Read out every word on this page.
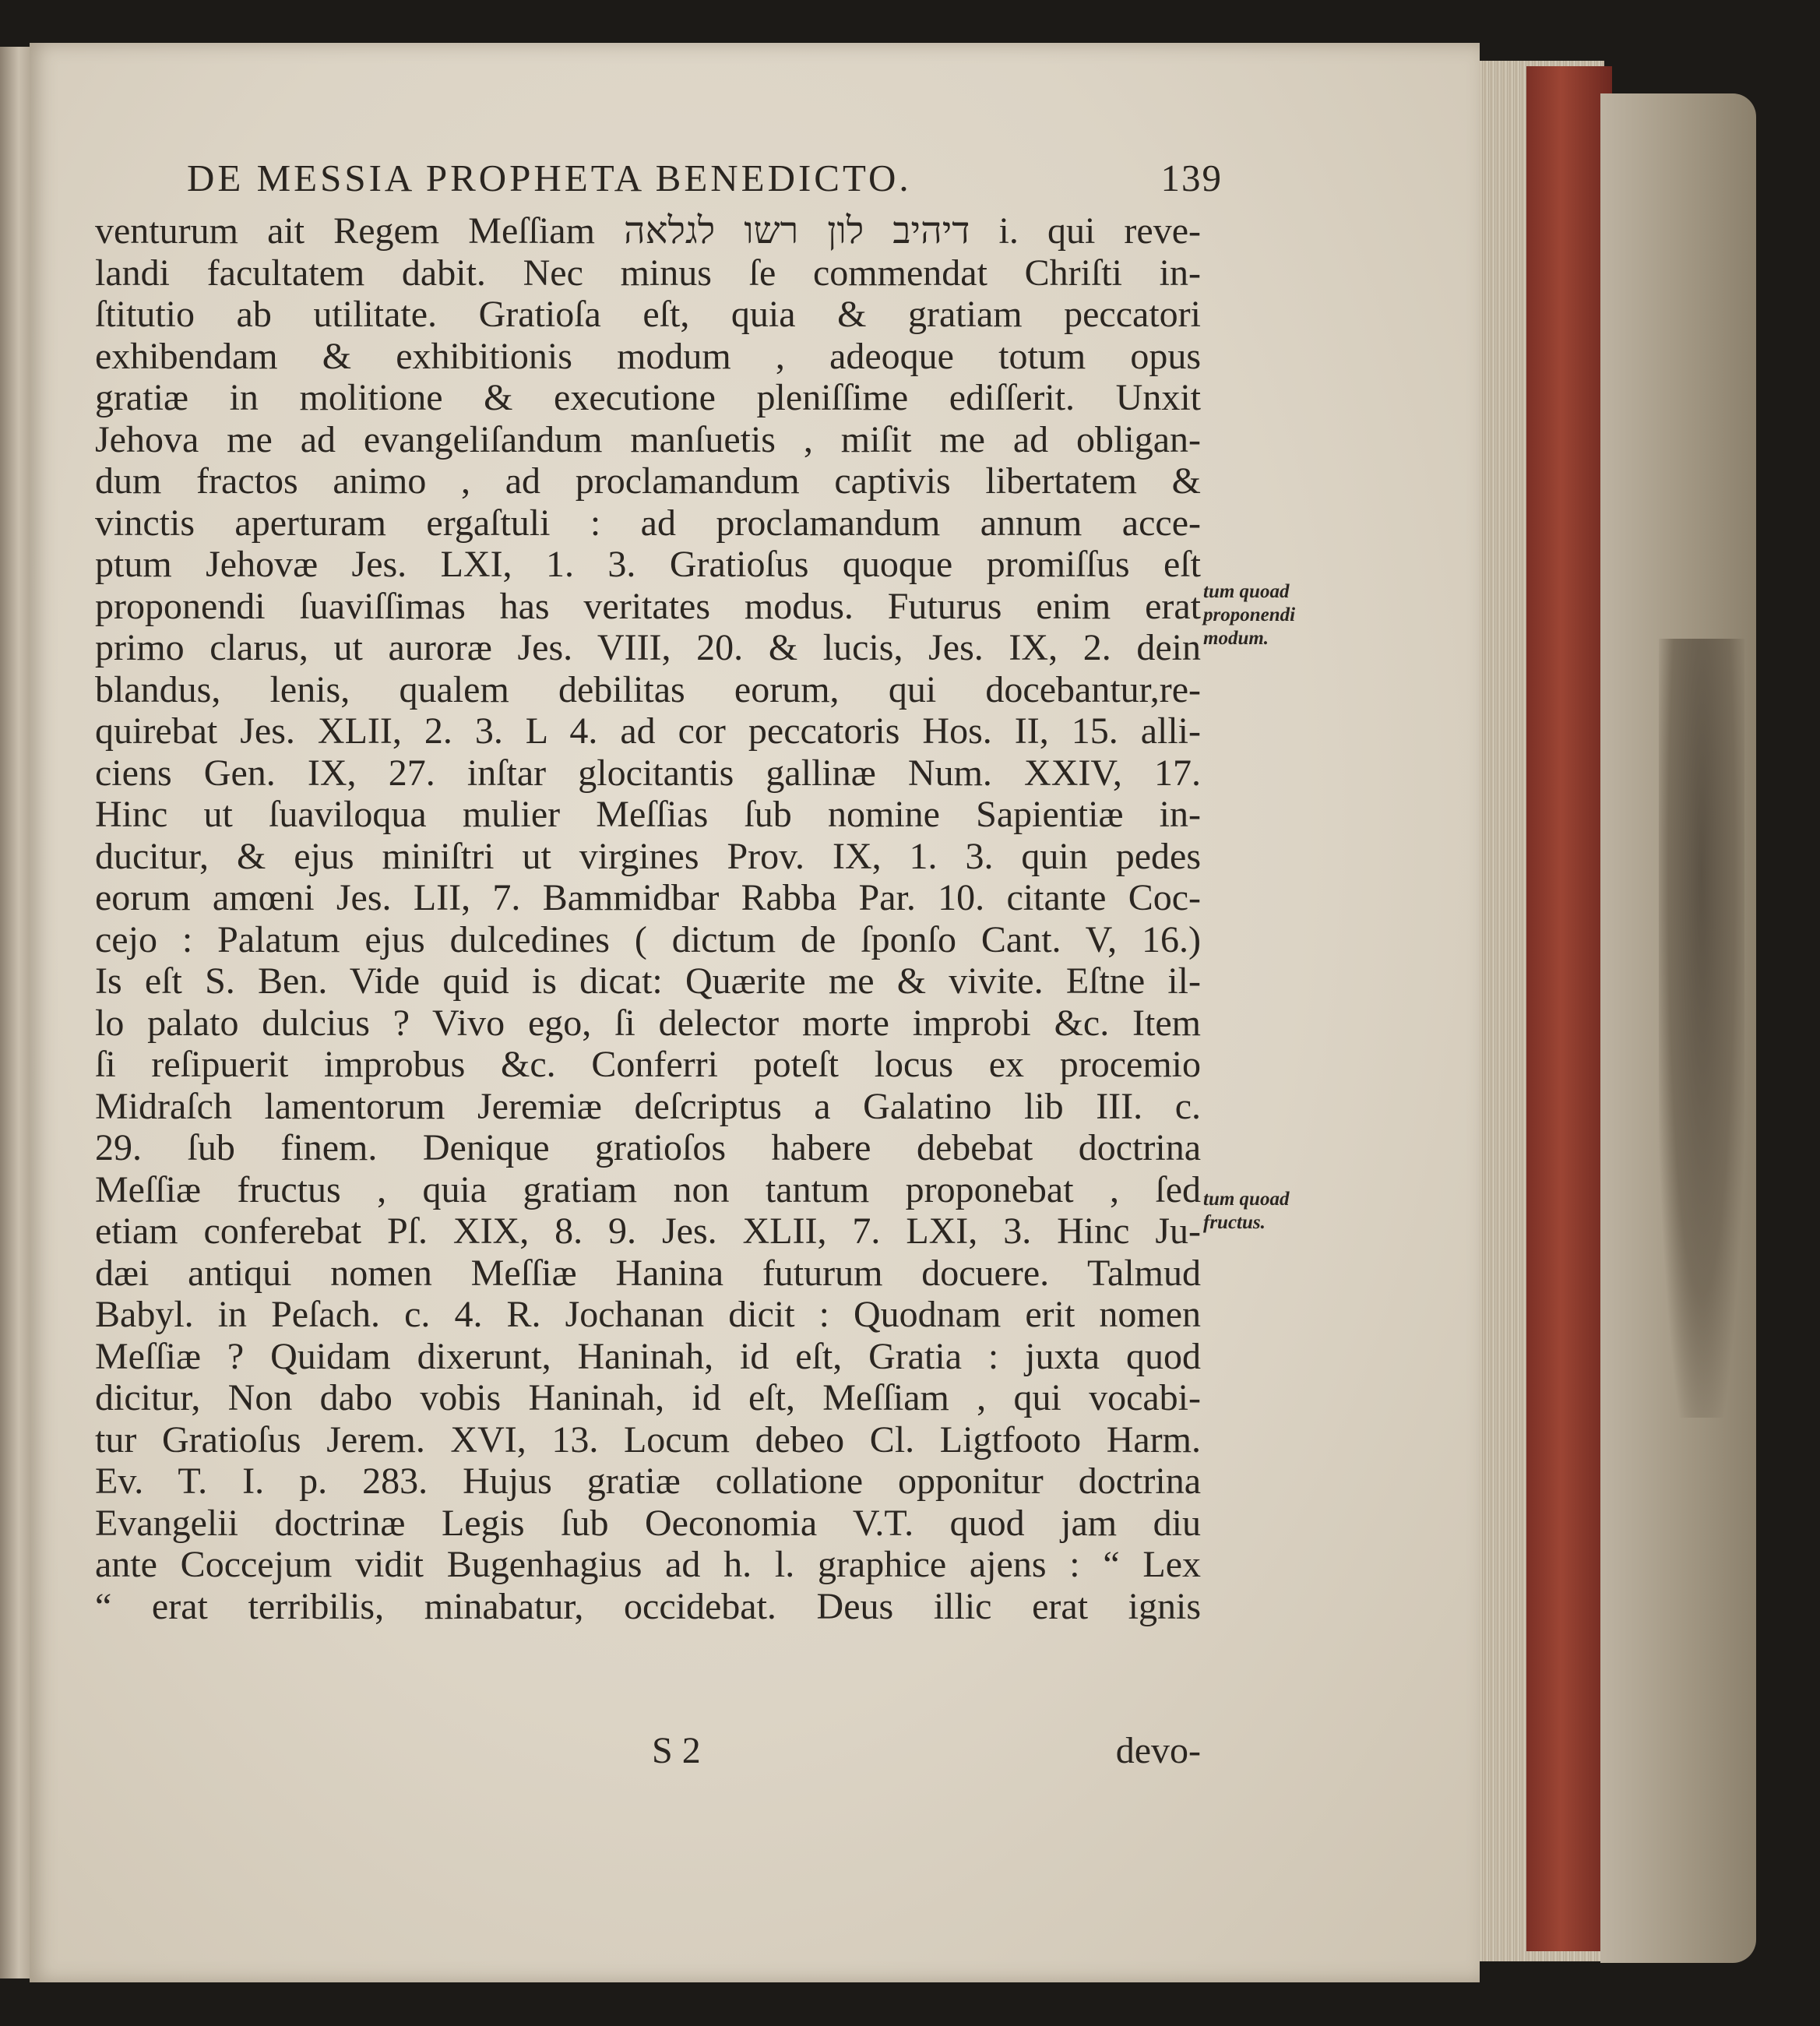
DE MESSIA PROPHETA BENEDICTO.	139
venturum ait Regem Meſſiam דיהיב לון רשו לגלאה i. qui reve-
landi facultatem dabit. Nec minus ſe commendat Chriſti in-
ſtitutio ab utilitate. Gratioſa eſt, quia & gratiam peccatori
exhibendam & exhibitionis modum , adeoque totum opus
gratiæ in molitione & executione pleniſſime ediſſerit. Unxit
Jehova me ad evangeliſandum manſuetis , miſit me ad obligan-
dum fractos animo , ad proclamandum captivis libertatem &
vinctis aperturam ergaſtuli : ad proclamandum annum acce-
ptum Jehovæ Jes. LXI, 1. 3. Gratioſus quoque promiſſus eſt
proponendi ſuaviſſimas has veritates modus. Futurus enim erat
primo clarus, ut auroræ Jes. VIII, 20. & lucis, Jes. IX, 2. dein
blandus, lenis, qualem debilitas eorum, qui docebantur,re-
quirebat Jes. XLII, 2. 3. L 4. ad cor peccatoris Hos. II, 15. alli-
ciens Gen. IX, 27. inſtar glocitantis gallinæ Num. XXIV, 17.
Hinc ut ſuaviloqua mulier Meſſias ſub nomine Sapientiæ in-
ducitur, & ejus miniſtri ut virgines Prov. IX, 1. 3. quin pedes
eorum amœni Jes. LII, 7. Bammidbar Rabba Par. 10. citante Coc-
cejo : Palatum ejus dulcedines ( dictum de ſponſo Cant. V, 16.)
Is eſt S. Ben. Vide quid is dicat: Quærite me & vivite. Eſtne il-
lo palato dulcius ? Vivo ego, ſi delector morte improbi &c. Item
ſi reſipuerit improbus &c. Conferri poteſt locus ex procemio
Midraſch lamentorum Jeremiæ deſcriptus a Galatino lib III. c.
29. ſub finem. Denique gratioſos habere debebat doctrina
Meſſiæ fructus , quia gratiam non tantum proponebat , ſed
etiam conferebat Pſ. XIX, 8. 9. Jes. XLII, 7. LXI, 3. Hinc Ju-
dæi antiqui nomen Meſſiæ Hanina futurum docuere. Talmud
Babyl. in Peſach. c. 4. R. Jochanan dicit : Quodnam erit nomen
Meſſiæ ? Quidam dixerunt, Haninah, id eſt, Gratia : juxta quod
dicitur, Non dabo vobis Haninah, id eſt, Meſſiam , qui vocabi-
tur Gratioſus Jerem. XVI, 13. Locum debeo Cl. Ligtfooto Harm.
Ev. T. I. p. 283. Hujus gratiæ collatione opponitur doctrina
Evangelii doctrinæ Legis ſub Oeconomia V.T. quod jam diu
ante Coccejum vidit Bugenhagius ad h. l. graphice ajens : “ Lex
“ erat terribilis, minabatur, occidebat. Deus illic erat ignis
tum quoad
proponendi
modum.
tum quoad
fructus.
S 2	devo-
